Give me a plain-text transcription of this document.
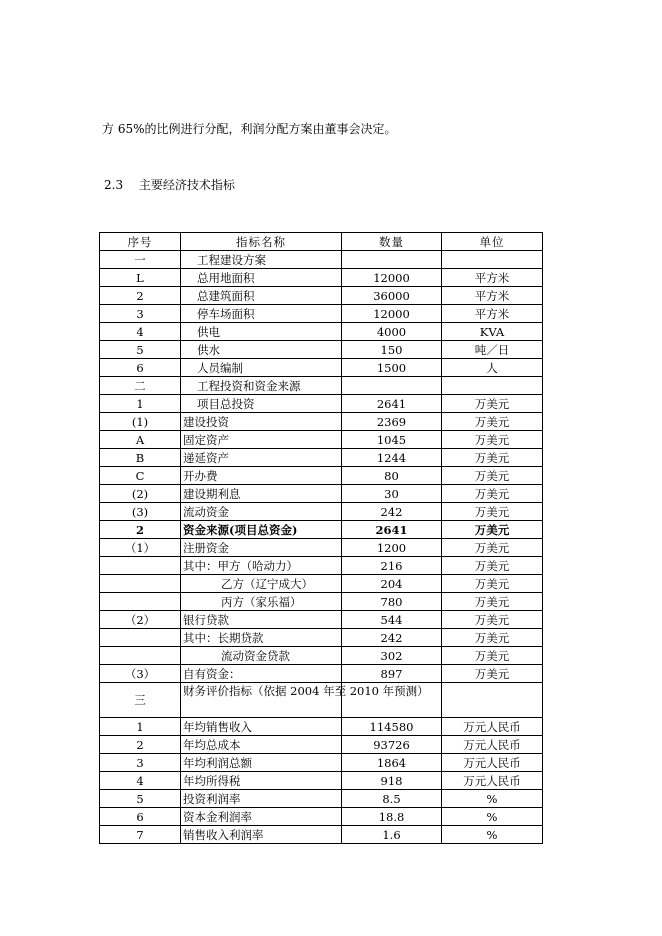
方 65%的比例进行分配，利润分配方案由董事会决定。

2.3 主要经济技术指标
序号	指标名称	数量	单位
一	工程建设方案		
L	总用地面积	12000	平方米
2	总建筑面积	36000	平方米
3	停车场面积	12000	平方米
4	供电	4000	KVA
5	供水	150	吨／日
6	人员编制	1500	人
二	工程投资和资金来源		
1	项目总投资	2641	万美元
(1)	建设投资	2369	万美元
A	固定资产	1045	万美元
B	递延资产	1244	万美元
C	开办费	80	万美元
(2)	建设期利息	30	万美元
(3)	流动资金	242	万美元
2	资金来源(项目总资金)	2641	万美元
（1）	注册资金	1200	万美元
	其中：甲方（哈动力）	216	万美元
	乙方（辽宁成大）	204	万美元
	丙方（家乐福）	780	万美元
（2）	银行贷款	544	万美元
	其中：长期贷款	242	万美元
	流动资金贷款	302	万美元
（3）	自有资金：	897	万美元
三	财务评价指标（依据 2004 年至 2010 年预测）		
1	年均销售收入	114580	万元人民币
2	年均总成本	93726	万元人民币
3	年均利润总额	1864	万元人民币
4	年均所得税	918	万元人民币
5	投资利润率	8.5	%
6	资本金利润率	18.8	%
7	销售收入利润率	1.6	%
